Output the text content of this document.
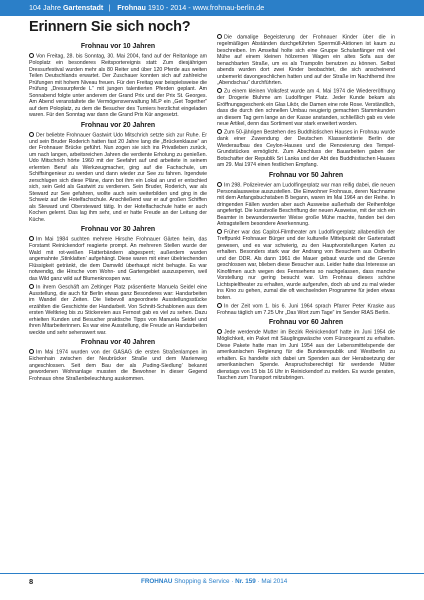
104 Jahre Gartenstadt | Frohnau 1910 - 2014 - www.frohnau-berlin.de
Erinnern Sie sich noch?
Frohnau vor 10 Jahren

Von Freitag, 28. bis Sonntag, 30. Mai 2004, fand auf der Reitanlage am Poloplatz ein besonderes Reitsportereignis statt: Zum diesjährigen Dressurfestival wurden mehr als 80 Reiter und über 120 Pferde aus weiten Teilen Deutschlands erwartet. Der Zuschauer konnten sich auf zahlreiche Prüfungen mit hohem Niveau freuen. Für den Freitag war beispielsweise die Prüfung „Dressurpferde L“ mit jungen talentierten Pferden geplant. Am Sonnabend folgte unter anderem der Grand Prix und der Prix St. Georges. Am Abend veranstaltete die Vermögensverwaltung MLP ein „Get Together“ auf dem Poloplatz, zu dem die Besucher des Turniers herzlichst eingeladen waren. Für den Sonntag war dann die Grand Prix Kür angesetzt.

Frohnau vor 20 Jahren

Der beliebte Frohnauer Gastwirt Udo Mitschrich setzte sich zur Ruhe. Er und sein Bruder Roderich hatten fast 20 Jahre lang die „Brückenklause“ an der Frohnauer Brücke geführt. Nun zogen sie sich ins Privatleben zurück, um nach langen, arbeitsreichen Jahren die verdiente Erholung zu genießen. Udo Mitschrich hörte 1960 mit der Seefahrt auf und arbeitete in seinem erlernten Beruf als Werkzeugmacher, ging auf die Fachschule, um Schiffsingenieur zu werden und dann wieder zur See zu fahren. Irgendwie zerschlugen sich diese Pläne, dann bot ihm ein Lokal an und er entschied sich, sein Geld als Gastwirt zu verdienen. Sein Bruder, Roderich, war als Steward zur See gefahren, wollte auch sein weiterbilden und ging in die Schweiz auf die Hotelfachschule. Anschließend war er auf großen Schiffen als Steward und Obersteward tätig. In der Hotelfachschule hatte er auch Kochen gelernt. Das lag ihm sehr, und er hatte Freude an der Leitung der Küche.

Frohnau vor 30 Jahren

Im Mai 1984 suchten mehrere Hirsche Frohnauer Gärten heim, das Forstamt Reinickendorf reagierte prompt. An mehreren Stellen wurde der Wald mit rot-weißen Flatterbändern abgesperrt; außerdem wurden angemahnte ‚Stinklatten‘ aufgehängt. Diese waren mit einer übelriechenden Flüssigkeit getränkt, die dem Damwild überhaupt nicht behagte. Es war notwendig, die Hirsche vom Wohn- und Gartengebiet auszusperren, weil das Wild ganz wild auf Blumenknospen war.

In ihrem Geschäft am Zeltinger Platz präsentierte Manuela Seidel eine Ausstellung, die auch für Berlin etwas ganz Besonderes war: Handarbeiten im Wandel der Zeiten. Die liebevoll angeordnete Ausstellungsstücke erzählten die Geschichte der Handarbeit. Von Schnitt-Schablonen aus dem ersten Weltkrieg bis zu Stickereien aus Fernost gab es viel zu sehen. Dazu erhielten Kunden und Besucher praktische Tipps von Manuela Seidel und ihren Mitarbeiterinnen. Es war eine Ausstellung, die Freude an Handarbeiten weckte und sehr sehenswert war.

Frohnau vor 40 Jahren

Im Mai 1974 wurden von der GASAG die ersten Straßenlampen im Eichenhain zwischen der Neubrücker Straße und dem Marienweg angeschlossen. Seit dem Bau der als ‚Puding-Siedlung‘ bekannt gewordenen Wohnanlage mussten die Bewohner in dieser Gegend Frohnaus ohne Straßenbeleuchtung auskommen.

Die damalige Begeisterung der Frohnauer Kinder über die in regelmäßigen Abständen durchgeführten Sperrmüll-Aktionen ist kaum zu beschreiben. Im Amseltal holte sich eine Gruppe Schulanfänger mit viel Mühe auf einem kleinen hölzernen Wagen ein altes Sofa aus der benachbarten Straße, um es als Trampolin benutzen zu können. Selbst abends wurden dort zwei Kinder beobachtet, die sich anscheinend unbemerkt davongeschlichen hatten und auf der Straße im Nachthemd ihre „Abendschau“ durchführten.

Zu einem kleinen Volksfest wurde am 4. Mai 1974 die Wiedereröffnung der Drogerie Bluhme am Ludolfinger Platz. Jeder Kunde bekam als Eröffnungsgeschenk ein Glas Likör, die Damen eine rote Rose. Verständlich, dass die durch den schnellen Umbau neugierig gemachten Stammkunden an diesem Tag gern lange an der Kasse anstanden, schließlich gab es viele neue Artikel, denn das Sortiment war stark erweitert worden.

Zum 50-jährigen Bestehen des Buddhistischen Hauses in Frohnau wurde dank einer Zuwendung der Deutschen Klassenlotterie Berlin der Wiederaufbau des Ceylon-Hauses und die Renovierung des Tempel-Grundstückes ermöglicht. Zum Abschluss der Bauarbeiten gaben der Botschafter der Republik Sri Lanka und der Abt des Buddhistischen Hauses am 29. Mai 1974 einen festlichen Empfang.

Frohnau vor 50 Jahren

Im 298. Polizeirevier am Ludolfingerplatz war man reifig dabei, die neuen Personalausweise auszustellen. Die Einwohner Frohnaus, deren Nachname mit dem Anfangsbuchstaben B begann, waren im Mai 1964 an der Reihe. In dringenden Fällen wurden aber auch Ausweise außerhalb der Reihenfolge angefertigt. Die kunstvolle Beschriftung der neuen Ausweise, mit der sich ein Beamter in bewunderswerter Weise große Mühe machte, fanden bei den Antragstellern besondere Anerkennung.

Früher war das Capitol-Filmtheater am Ludolfingerplatz allabendlich der Treffpunkt Frohnauer Bürger und der kulturelle Mittelpunkt der Gartenstadt gewesen, und es war schwierig, zu den Hauptvorstellungen Karten zu erhalten. Besonders stark war der Andrang von Besuchern aus Ostberlin und der DDR. Als dann 1961 die Mauer gebaut wurde und die Grenze geschlossen war, blieben diese Besucher aus. Leider hatte das Interesse an Kinofilmen auch wegen des Fernsehens so nachgelassen, dass manche Vorstellung nur gering besucht war. Um Frohnau dieses schöne Lichtspieltheater zu erhalten, wurde aufgerufen, doch ab und zu mal wieder ins Kino zu gehen, zumal die oft wechselnden Programme für jeden etwas boten.

In der Zeit vom 1. bis 6. Juni 1964 sprach Pfarrer Peter Kraske aus Frohnau täglich um 7.25 Uhr „Das Wort zum Tage“ im Sender RIAS Berlin.

Frohnau vor 60 Jahren

Jede werdende Mutter im Bezirk Reinickendorf hatte im Juni 1954 die Möglichkeit, ein Paket mit Säuglingswäsche vom Fürsorgeamt zu erhalten. Diese Pakete hatte man im Juni 1954 aus der Lebensmittelspende der amerikanischen Regierung für die Bundesrepublik und Westberlin zu erhalten. Es handelte sich dabei um Spenden aus der Herabsetzung der amerikanischen Spende. Anspruchsberechtigt für werdende Mütter dienstags von 15 bis 16 Uhr in Reinickendorf zu melden. Es wurde geraten, Taschen zum Transport mitzubringen.

8	FROHNAU Shopping & Service · Nr. 159 · Mai 2014
